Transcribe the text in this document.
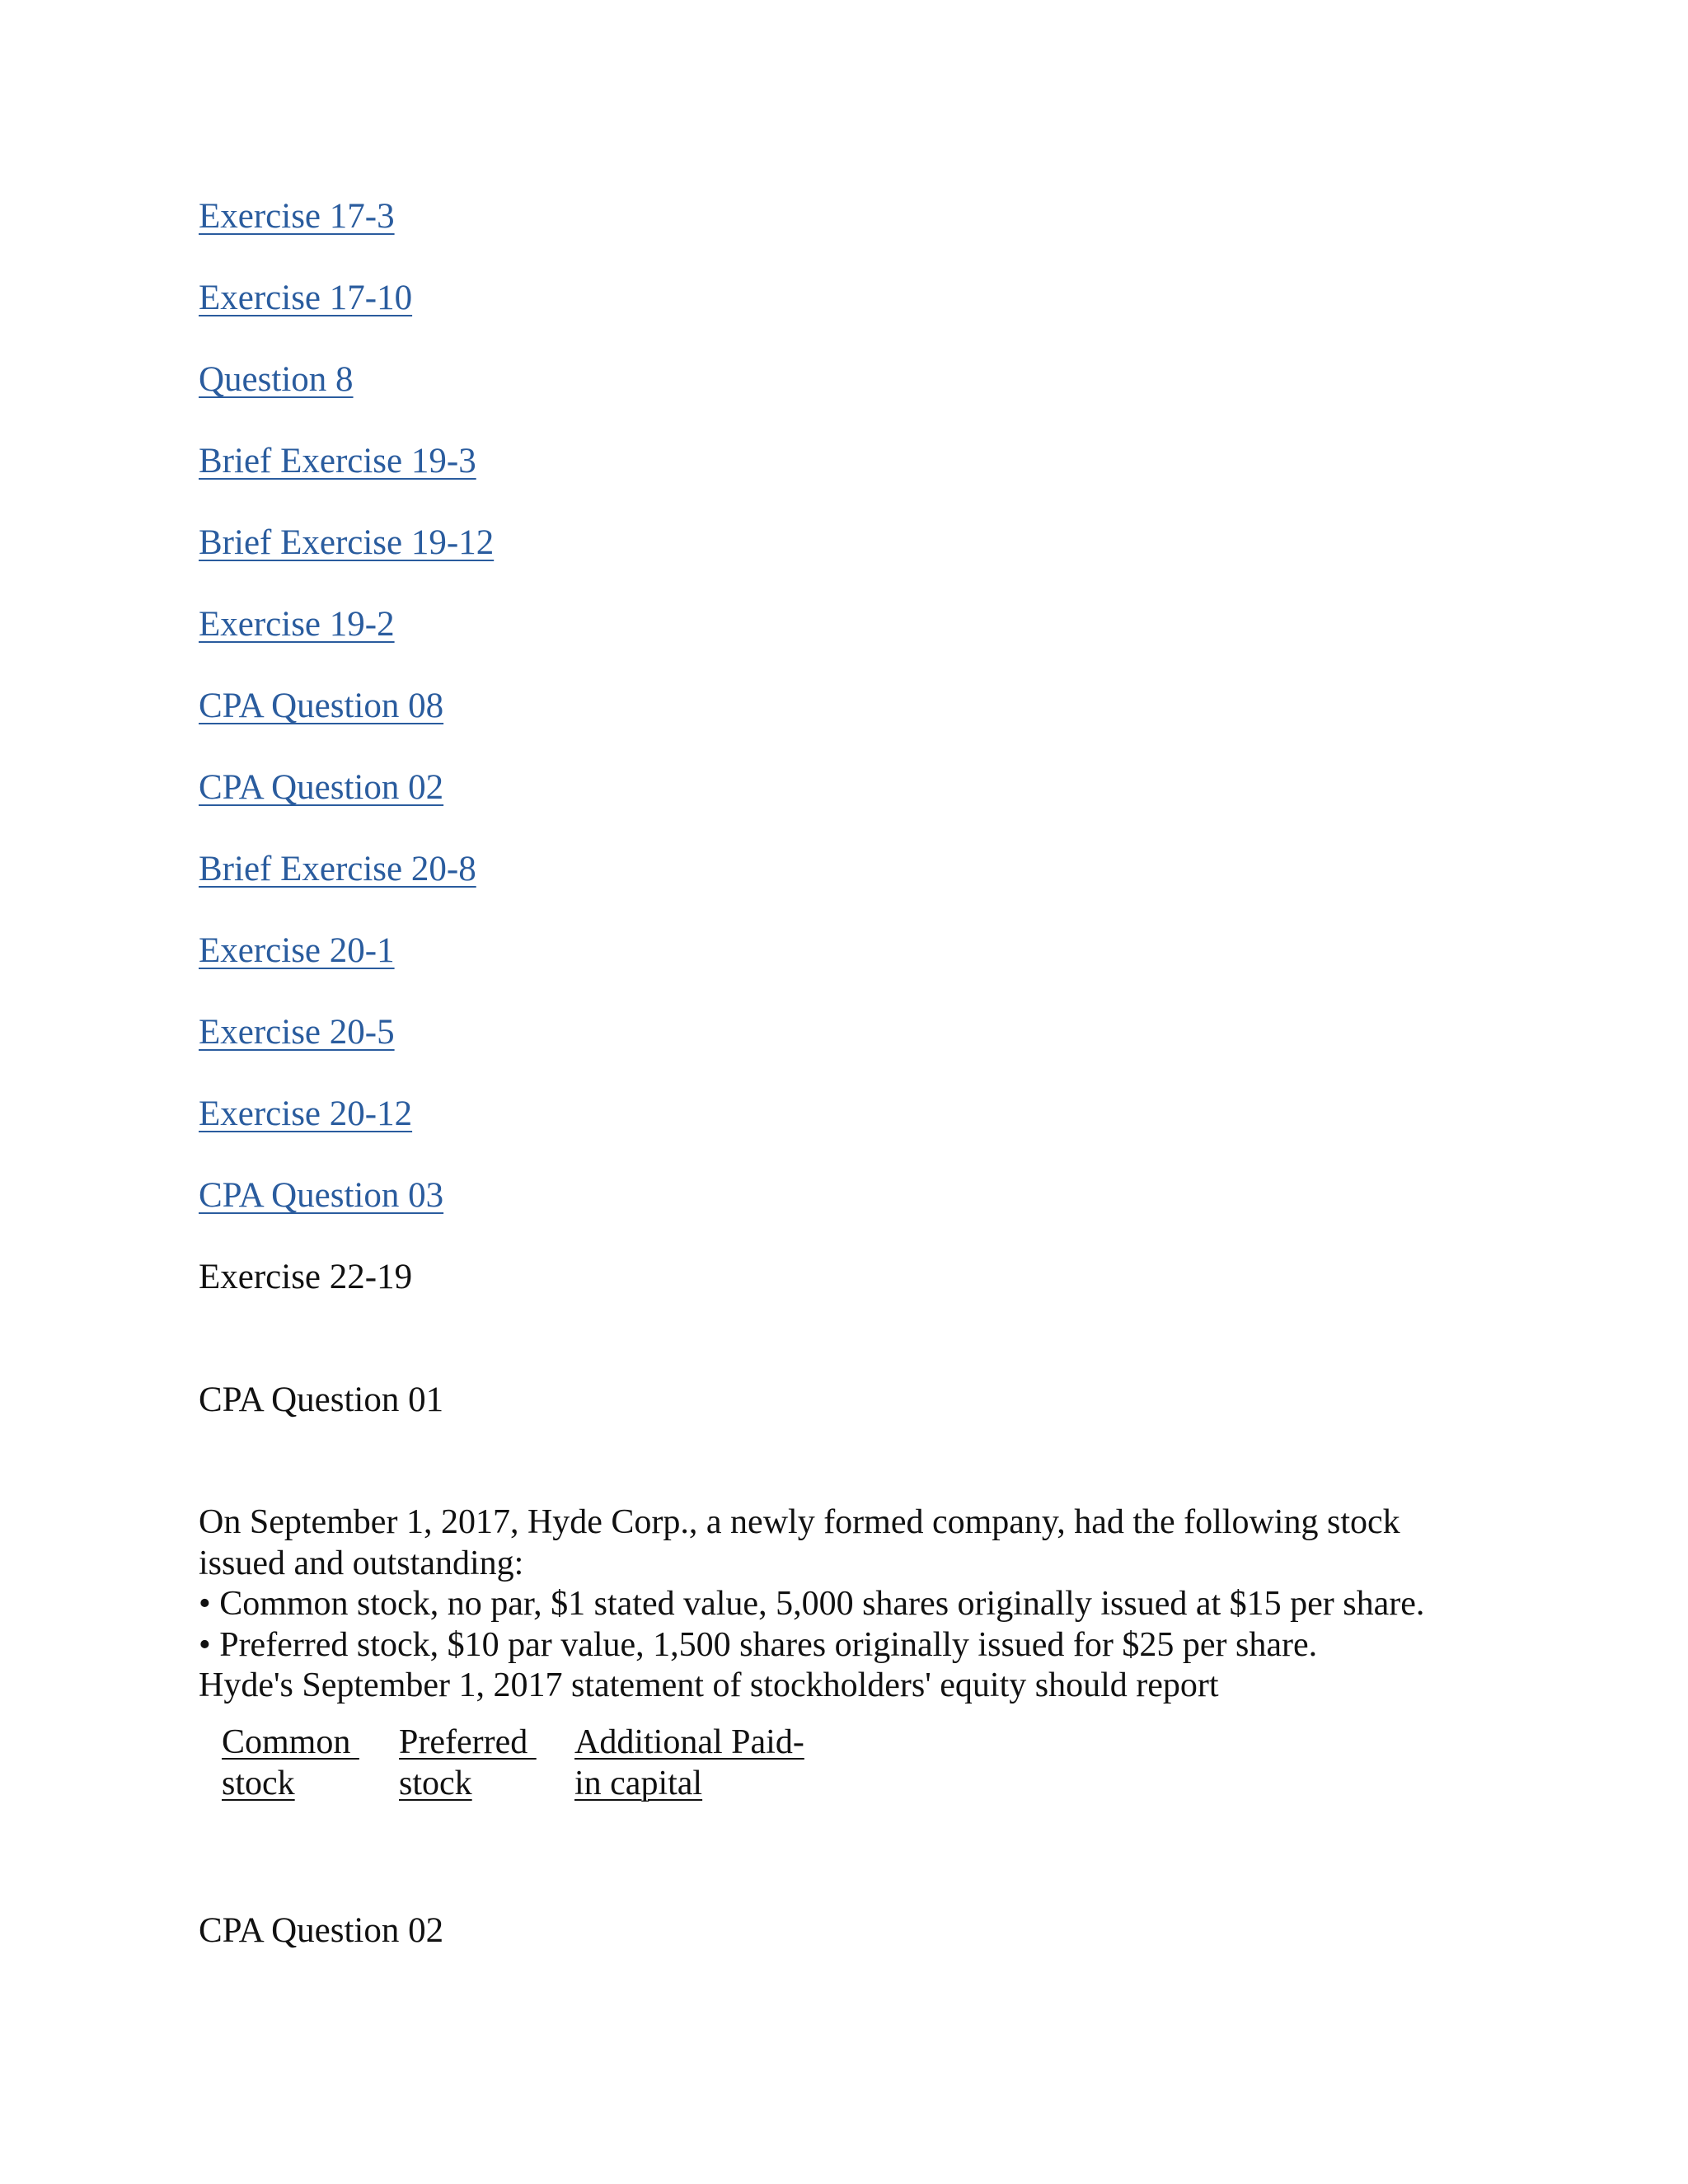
Exercise 17-3
Exercise 17-10
Question 8
Brief Exercise 19-3
Brief Exercise 19-12
Exercise 19-2
CPA Question 08
CPA Question 02
Brief Exercise 20-8
Exercise 20-1
Exercise 20-5
Exercise 20-12
CPA Question 03
Exercise 22-19
CPA Question 01

On September 1, 2017, Hyde Corp., a newly formed company, had the following stock

issued and outstanding:

• Common stock, no par, $1 stated value, 5,000 shares originally issued at $15 per share.

• Preferred stock, $10 par value, 1,500 shares originally issued for $25 per share.

Hyde's September 1, 2017 statement of stockholders' equity should report

Common
stock
Preferred
stock
Additional Paid-
in capital
CPA Question 02
